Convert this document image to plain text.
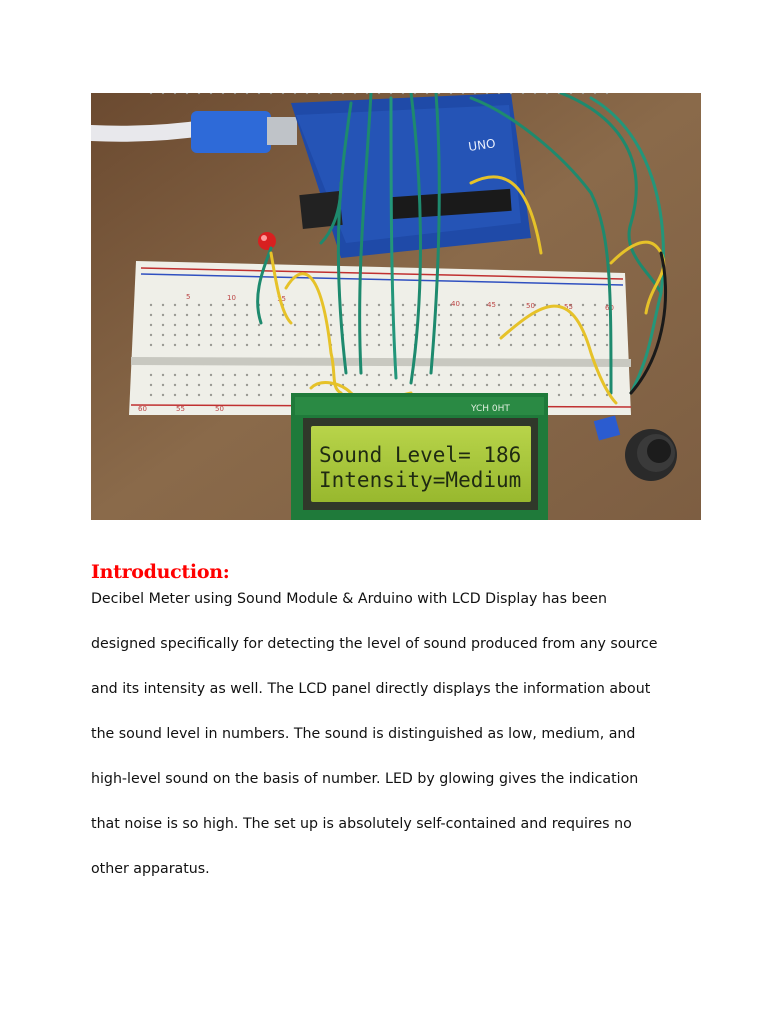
UNO
5	10	15
40	45	50	55	60
60	55	50	YCH 0HT
Sound Level= 186
Intensity=Medium
Introduction:
Decibel Meter using Sound Module & Arduino with LCD Display has been
designed specifically for detecting the level of sound produced from any source
and its intensity as well. The LCD panel directly displays the information about
the sound level in numbers. The sound is distinguished as low, medium, and
high-level sound on the basis of number. LED by glowing gives the indication
that noise is so high. The set up is absolutely self-contained and requires no
other apparatus.
